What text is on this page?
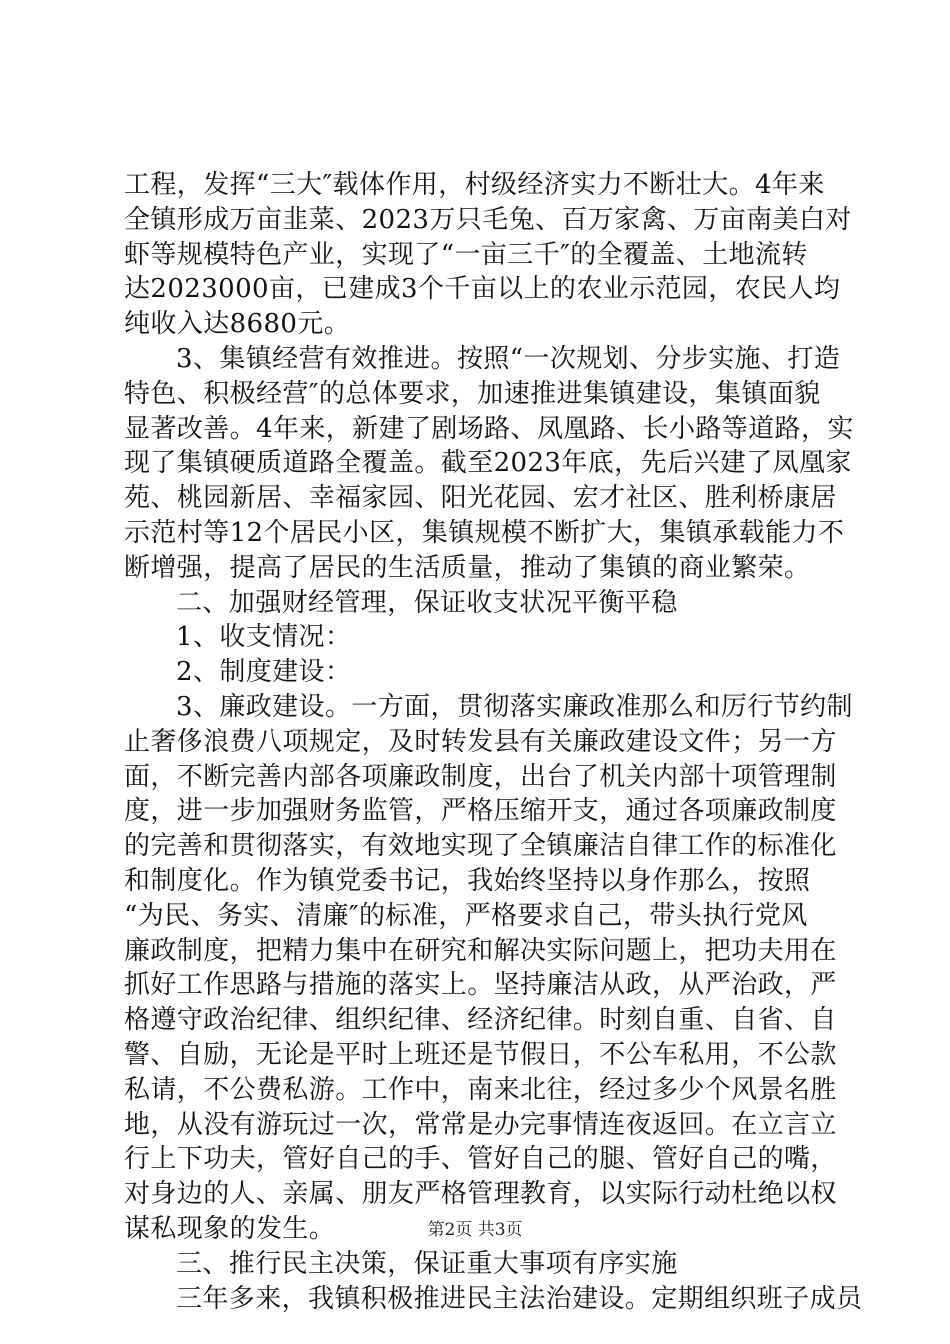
工程，发挥“三大″载体作用，村级经济实力不断壮大。4年来
全镇形成万亩韭菜、2023万只毛兔、百万家禽、万亩南美白对
虾等规模特色产业，实现了“一亩三千″的全覆盖、土地流转
达2023000亩，已建成3个千亩以上的农业示范园，农民人均
纯收入达8680元。
3、集镇经营有效推进。按照“一次规划、分步实施、打造
特色、积极经营″的总体要求，加速推进集镇建设，集镇面貌
显著改善。4年来，新建了剧场路、凤凰路、长小路等道路，实
现了集镇硬质道路全覆盖。截至2023年底，先后兴建了凤凰家
苑、桃园新居、幸福家园、阳光花园、宏才社区、胜利桥康居
示范村等12个居民小区，集镇规模不断扩大，集镇承载能力不
断增强，提高了居民的生活质量，推动了集镇的商业繁荣。
二、加强财经管理，保证收支状况平衡平稳
1、收支情况：
2、制度建设：
3、廉政建设。一方面，贯彻落实廉政准那么和厉行节约制
止奢侈浪费八项规定，及时转发县有关廉政建设文件；另一方
面，不断完善内部各项廉政制度，出台了机关内部十项管理制
度，进一步加强财务监管，严格压缩开支，通过各项廉政制度
的完善和贯彻落实，有效地实现了全镇廉洁自律工作的标准化
和制度化。作为镇党委书记，我始终坚持以身作那么，按照
“为民、务实、清廉″的标准，严格要求自己，带头执行党风
廉政制度，把精力集中在研究和解决实际问题上，把功夫用在
抓好工作思路与措施的落实上。坚持廉洁从政，从严治政，严
格遵守政治纪律、组织纪律、经济纪律。时刻自重、自省、自
警、自励，无论是平时上班还是节假日，不公车私用，不公款
私请，不公费私游。工作中，南来北往，经过多少个风景名胜
地，从没有游玩过一次，常常是办完事情连夜返回。在立言立
行上下功夫，管好自己的手、管好自己的腿、管好自己的嘴，
对身边的人、亲属、朋友严格管理教育，以实际行动杜绝以权
谋私现象的发生。
三、推行民主决策，保证重大事项有序实施
三年多来，我镇积极推进民主法治建设。定期组织班子成员
第2页 共3页
